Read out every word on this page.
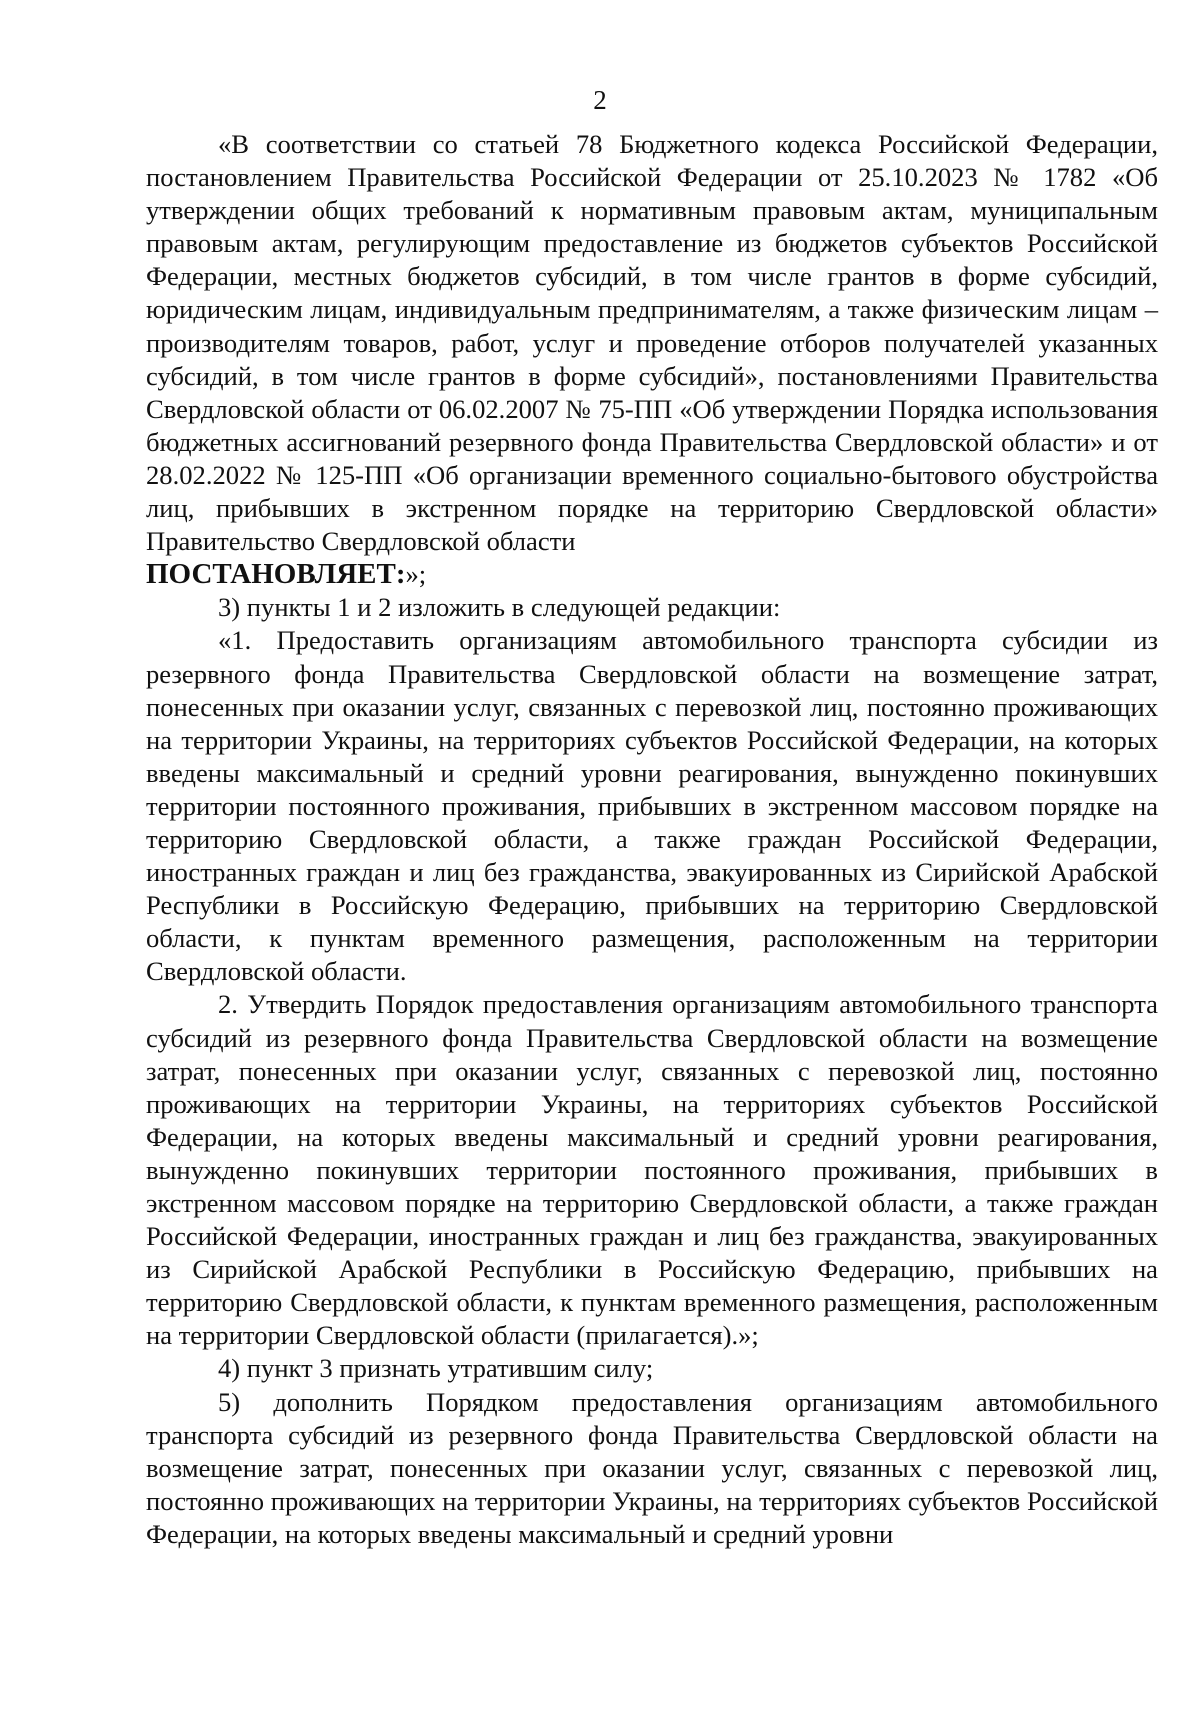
2

«В соответствии со статьей 78 Бюджетного кодекса Российской Федерации, постановлением Правительства Российской Федерации от 25.10.2023 № 1782 «Об утверждении общих требований к нормативным правовым актам, муниципальным правовым актам, регулирующим предоставление из бюджетов субъектов Российской Федерации, местных бюджетов субсидий, в том числе грантов в форме субсидий, юридическим лицам, индивидуальным предпринимателям, а также физическим лицам – производителям товаров, работ, услуг и проведение отборов получателей указанных субсидий, в том числе грантов в форме субсидий», постановлениями Правительства Свердловской области от 06.02.2007 № 75-ПП «Об утверждении Порядка использования бюджетных ассигнований резервного фонда Правительства Свердловской области» и от 28.02.2022 № 125-ПП «Об организации временного социально-бытового обустройства лиц, прибывших в экстренном порядке на территорию Свердловской области» Правительство Свердловской области

ПОСТАНОВЛЯЕТ:»;

3) пункты 1 и 2 изложить в следующей редакции:

«1. Предоставить организациям автомобильного транспорта субсидии из резервного фонда Правительства Свердловской области на возмещение затрат, понесенных при оказании услуг, связанных с перевозкой лиц, постоянно проживающих на территории Украины, на территориях субъектов Российской Федерации, на которых введены максимальный и средний уровни реагирования, вынужденно покинувших территории постоянного проживания, прибывших в экстренном массовом порядке на территорию Свердловской области, а также граждан Российской Федерации, иностранных граждан и лиц без гражданства, эвакуированных из Сирийской Арабской Республики в Российскую Федерацию, прибывших на территорию Свердловской области, к пунктам временного размещения, расположенным на территории Свердловской области.

2. Утвердить Порядок предоставления организациям автомобильного транспорта субсидий из резервного фонда Правительства Свердловской области на возмещение затрат, понесенных при оказании услуг, связанных с перевозкой лиц, постоянно проживающих на территории Украины, на территориях субъектов Российской Федерации, на которых введены максимальный и средний уровни реагирования, вынужденно покинувших территории постоянного проживания, прибывших в экстренном массовом порядке на территорию Свердловской области, а также граждан Российской Федерации, иностранных граждан и лиц без гражданства, эвакуированных из Сирийской Арабской Республики в Российскую Федерацию, прибывших на территорию Свердловской области, к пунктам временного размещения, расположенным на территории Свердловской области (прилагается).»;

4) пункт 3 признать утратившим силу;

5) дополнить Порядком предоставления организациям автомобильного транспорта субсидий из резервного фонда Правительства Свердловской области на возмещение затрат, понесенных при оказании услуг, связанных с перевозкой лиц, постоянно проживающих на территории Украины, на территориях субъектов Российской Федерации, на которых введены максимальный и средний уровни
